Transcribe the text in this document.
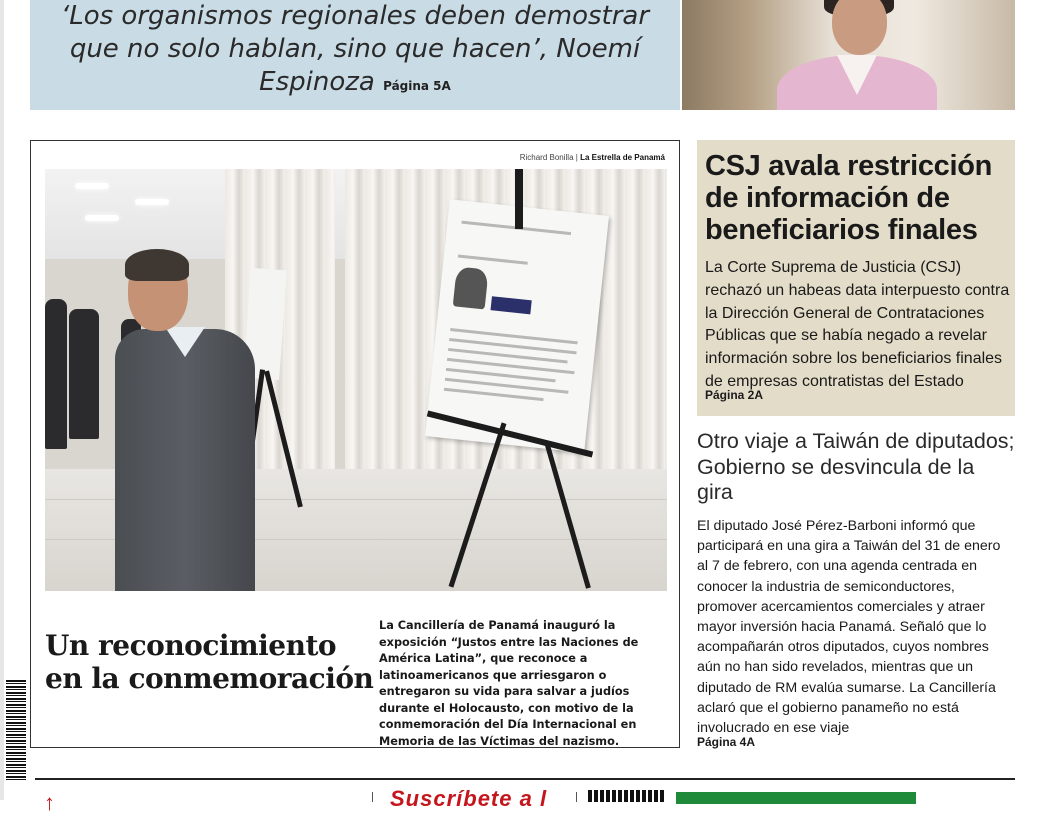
‘Los organismos regionales deben demostrar que no solo hablan, sino que hacen’, Noemí Espinoza Página 5A
Richard Bonilla | La Estrella de Panamá
Un reconocimiento en la conmemoración
La Cancillería de Panamá inauguró la exposición “Justos entre las Naciones de América Latina”, que reconoce a latinoamericanos que arriesgaron o entregaron su vida para salvar a judíos durante el Holocausto, con motivo de la conmemoración del Día Internacional en Memoria de las Víctimas del nazismo.
CSJ avala restricción de información de beneficiarios finales
La Corte Suprema de Justicia (CSJ) rechazó un habeas data interpuesto contra la Dirección General de Contrataciones Públicas que se había negado a revelar información sobre los beneficiarios finales de empresas contratistas del Estado
Página 2A
Otro viaje a Taiwán de diputados; Gobierno se desvincula de la gira
El diputado José Pérez-Barboni informó que participará en una gira a Taiwán del 31 de enero al 7 de febrero, con una agenda centrada en conocer la industria de semiconductores, promover acercamientos comerciales y atraer mayor inversión hacia Panamá. Señaló que lo acompañarán otros diputados, cuyos nombres aún no han sido revelados, mientras que un diputado de RM evalúa sumarse. La Cancillería aclaró que el gobierno panameño no está involucrado en ese viaje
Página 4A
↑	Suscríbete a l
